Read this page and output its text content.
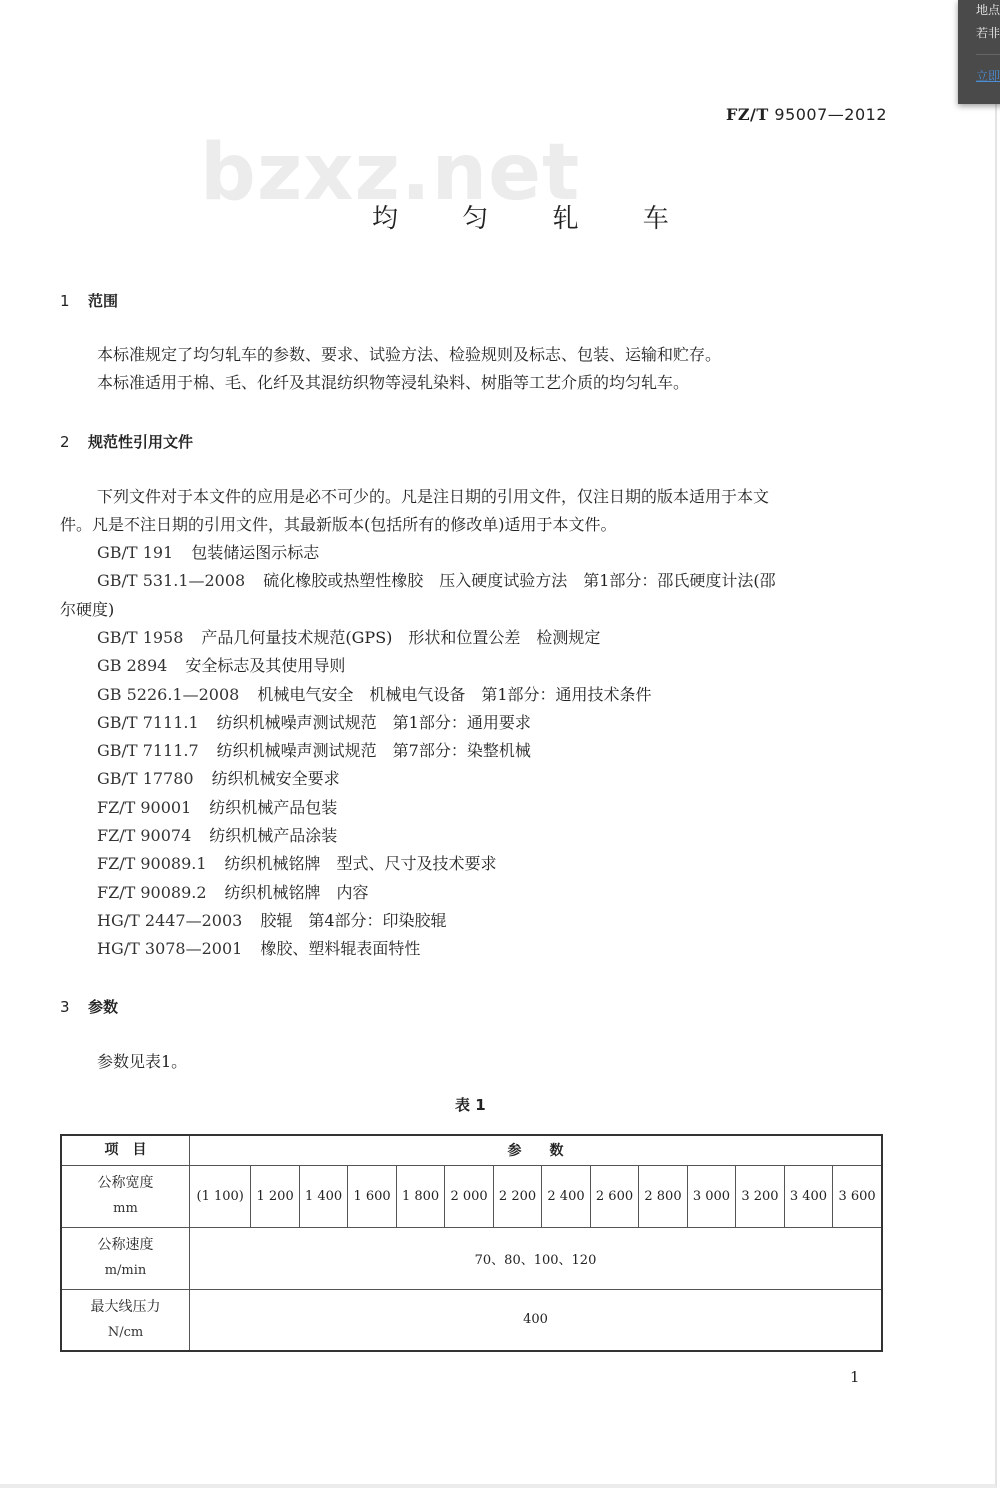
FZ/T 95007—2012
bzxz.net
均 匀 轧 车
1 范围
本标准规定了均匀轧车的参数、要求、试验方法、检验规则及标志、包装、运输和贮存。
本标准适用于棉、毛、化纤及其混纺织物等浸轧染料、树脂等工艺介质的均匀轧车。
2 规范性引用文件
下列文件对于本文件的应用是必不可少的。凡是注日期的引用文件，仅注日期的版本适用于本文
件。凡是不注日期的引用文件，其最新版本(包括所有的修改单)适用于本文件。
GB/T 191 包装储运图示标志
GB/T 531.1—2008 硫化橡胶或热塑性橡胶　压入硬度试验方法　第1部分：邵氏硬度计法(邵
尔硬度)
GB/T 1958 产品几何量技术规范(GPS)　形状和位置公差　检测规定
GB 2894 安全标志及其使用导则
GB 5226.1—2008 机械电气安全　机械电气设备　第1部分：通用技术条件
GB/T 7111.1 纺织机械噪声测试规范　第1部分：通用要求
GB/T 7111.7 纺织机械噪声测试规范　第7部分：染整机械
GB/T 17780 纺织机械安全要求
FZ/T 90001 纺织机械产品包装
FZ/T 90074 纺织机械产品涂装
FZ/T 90089.1 纺织机械铭牌　型式、尺寸及技术要求
FZ/T 90089.2 纺织机械铭牌　内容
HG/T 2447—2003 胶辊　第4部分：印染胶辊
HG/T 3078—2001 橡胶、塑料辊表面特性
3 参数
参数见表1。
表 1
项　目	参　　数													

公称宽度
mm	(1 100)	1 200	1 400	1 600	1 800	2 000	2 200	2 400	2 600	2 800	3 000	3 200	3 400	3 600

公称速度
m/min	70、80、100、120													

最大线压力
N/cm	400													
1
地点
若非
立即
